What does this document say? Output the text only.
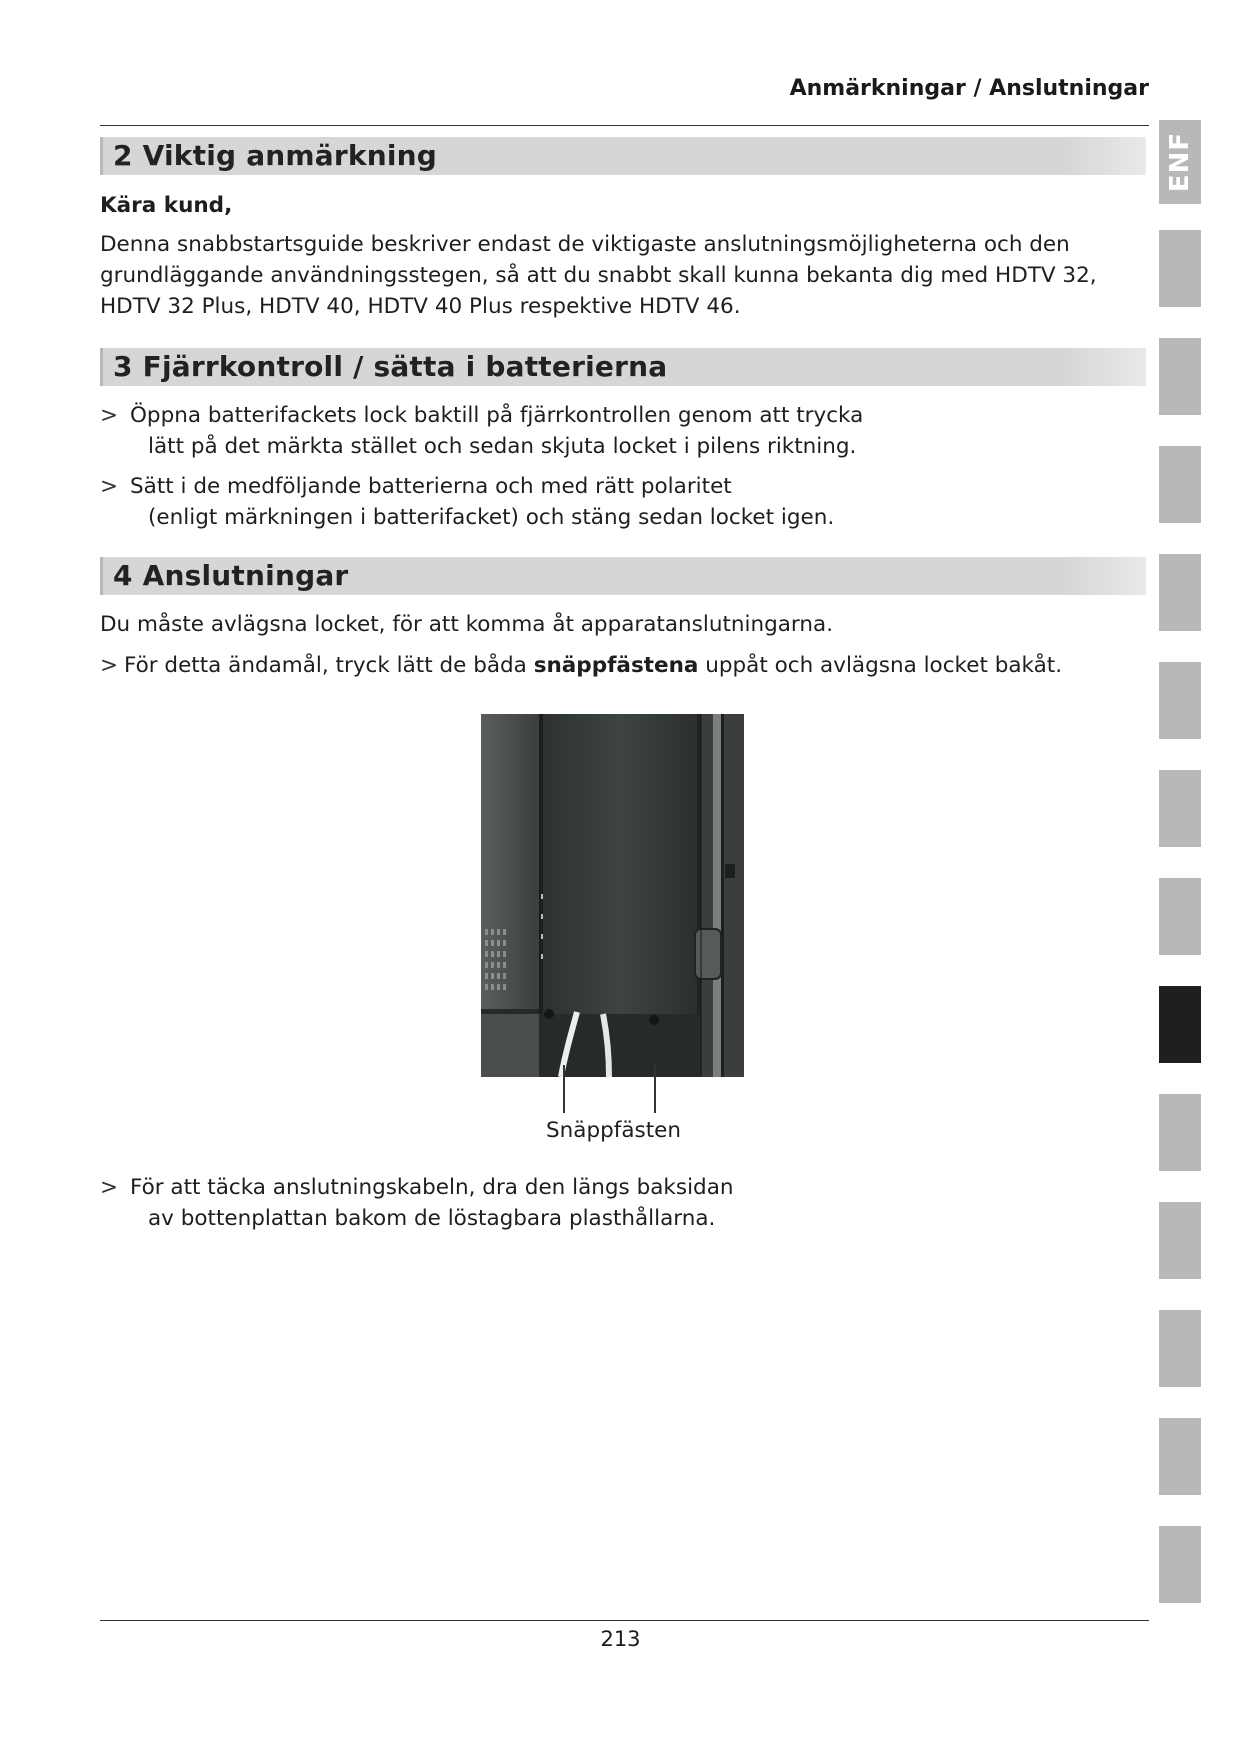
Anmärkningar / Anslutningar
ENF
2 Viktig anmärkning
Kära kund,
Denna snabbstartsguide beskriver endast de viktigaste anslutningsmöjligheterna och den
grundläggande användningsstegen, så att du snabbt skall kunna bekanta dig med HDTV 32,
HDTV 32 Plus, HDTV 40, HDTV 40 Plus respektive HDTV 46.
3 Fjärrkontroll / sätta i batterierna
> Öppna batterifackets lock baktill på fjärrkontrollen genom att trycka
lätt på det märkta stället och sedan skjuta locket i pilens riktning.
> Sätt i de medföljande batterierna och med rätt polaritet
(enligt märkningen i batterifacket) och stäng sedan locket igen.
4 Anslutningar
Du måste avlägsna locket, för att komma åt apparatanslutningarna.
> För detta ändamål, tryck lätt de båda snäppfästena uppåt och avlägsna locket bakåt.
Snäppfästen
> För att täcka anslutningskabeln, dra den längs baksidan
av bottenplattan bakom de löstagbara plasthållarna.
213
